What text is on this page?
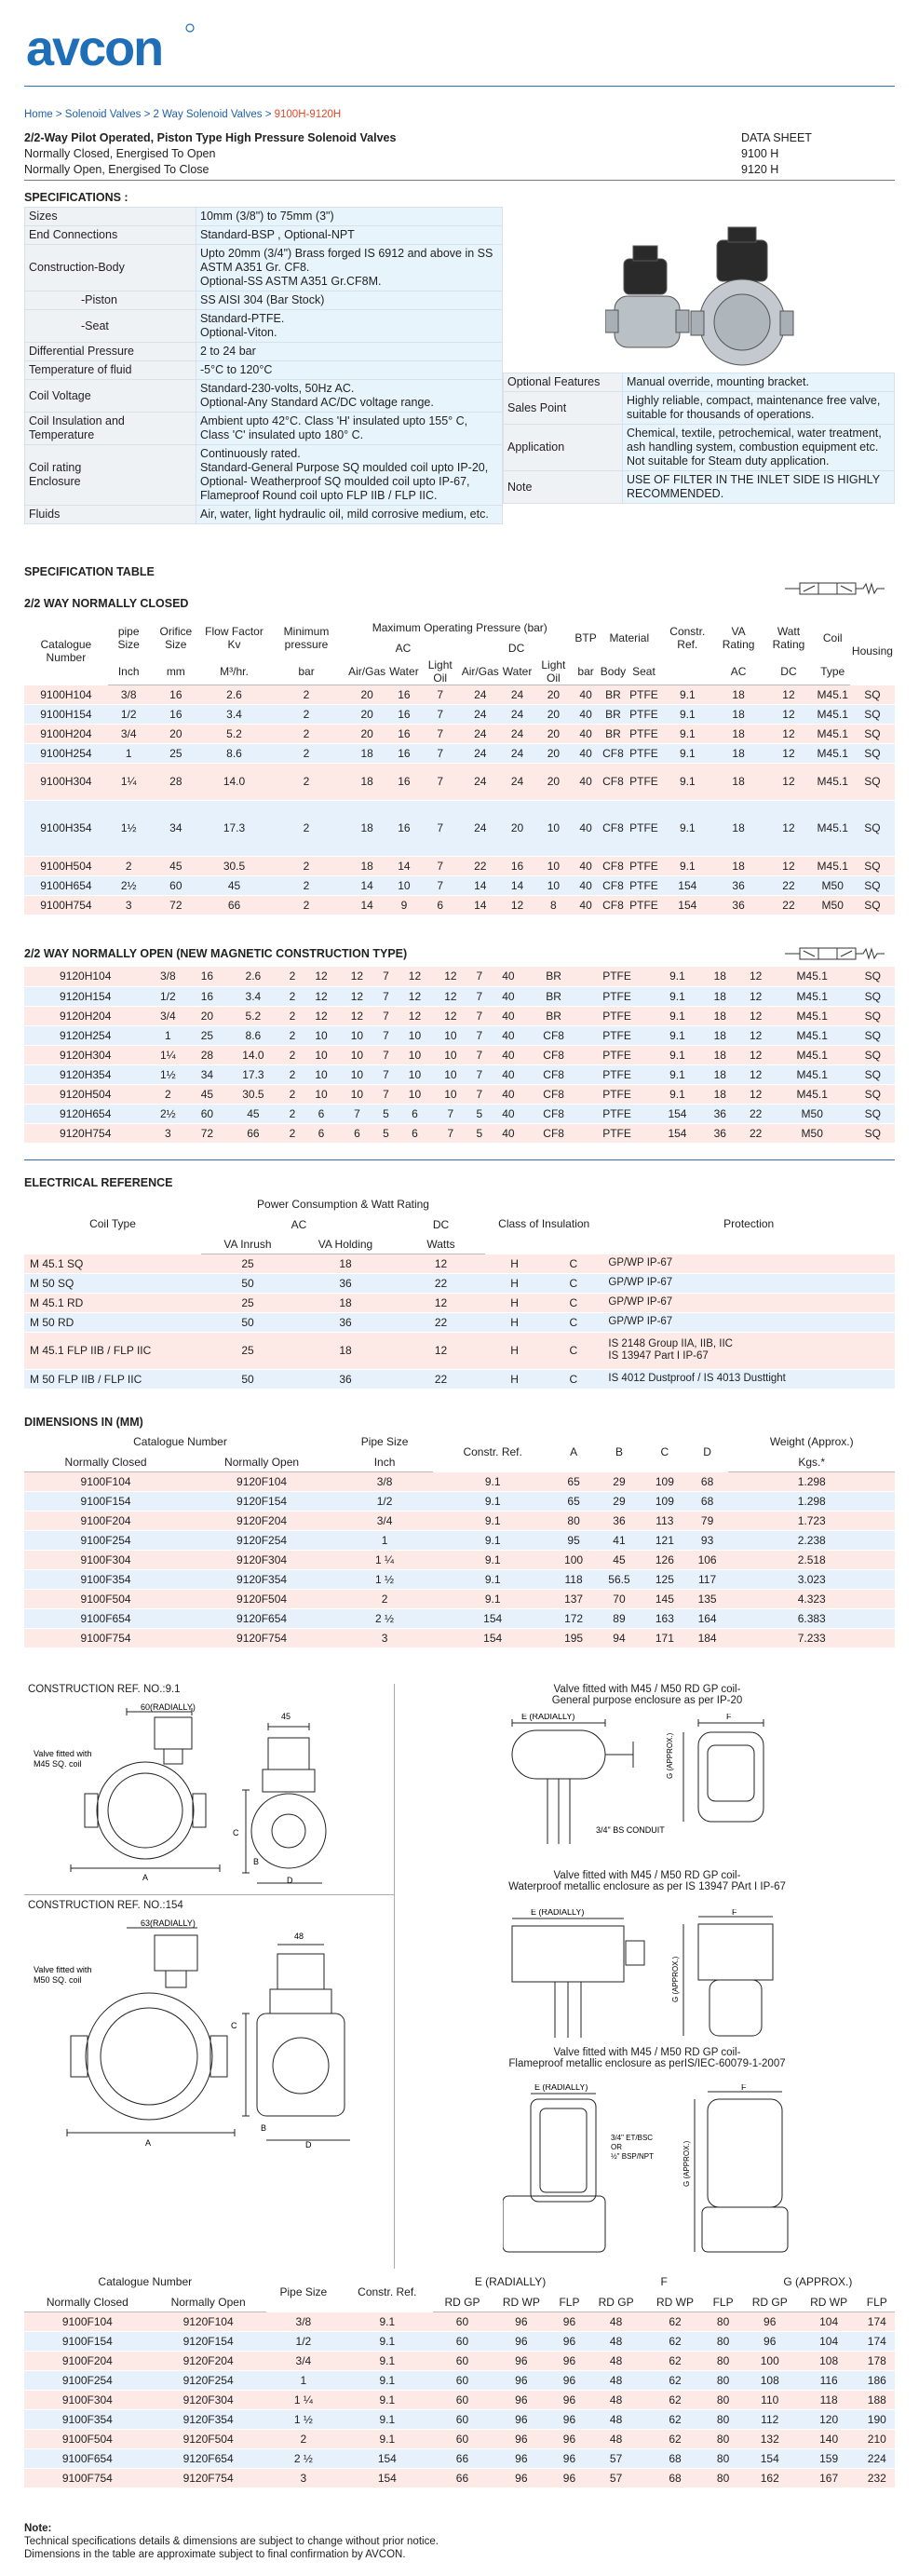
avcon
Home > Solenoid Valves > 2 Way Solenoid Valves > 9100H-9120H
2/2-Way Pilot Operated, Piston Type High Pressure Solenoid Valves	DATA SHEET
Normally Closed, Energised To Open	9100 H
Normally Open, Energised To Close	9120 H
SPECIFICATIONS :
Sizes	10mm (3/8") to 75mm (3")
End Connections	Standard-BSP , Optional-NPT
Construction-Body	Upto 20mm (3/4") Brass forged IS 6912 and above in SS ASTM A351 Gr. CF8.
Optional-SS ASTM A351 Gr.CF8M.
-Piston	SS AISI 304 (Bar Stock)
-Seat	Standard-PTFE.
Optional-Viton.
Differential Pressure	2 to 24 bar
Temperature of fluid	-5°C to 120°C
Coil Voltage	Standard-230-volts, 50Hz AC.
Optional-Any Standard AC/DC voltage range.
Coil Insulation and Temperature	Ambient upto 42°C. Class 'H' insulated upto 155° C,
Class 'C' insulated upto 180° C.
Coil rating
Enclosure	Continuously rated.
Standard-General Purpose SQ moulded coil upto IP-20,
Optional- Weatherproof SQ moulded coil upto IP-67,
Flameproof Round coil upto FLP IIB / FLP IIC.
Fluids	Air, water, light hydraulic oil, mild corrosive medium, etc.
Optional Features	Manual override, mounting bracket.
Sales Point	Highly reliable, compact, maintenance free valve, suitable for thousands of operations.
Application	Chemical, textile, petrochemical, water treatment, ash handling system, combustion equipment etc. Not suitable for Steam duty application.
Note	USE OF FILTER IN THE INLET SIDE IS HIGHLY RECOMMENDED.
SPECIFICATION TABLE
2/2 WAY NORMALLY CLOSED
Catalogue Number	pipe Size	Orifice Size	Flow Factor Kv	Minimum pressure	Maximum Operating Pressure (bar)						BTP	Material		Constr. Ref.	VA Rating	Watt Rating	Coil	Housing
					AC			DC										
	Inch	mm	M³/hr.	bar	Air/Gas	Water	Light Oil	Air/Gas	Water	Light Oil	bar	Body	Seat		AC	DC	Type	
9100H104	3/8	16	2.6	2	20	16	7	24	24	20	40	BR	PTFE	9.1	18	12	M45.1	SQ
9100H154	1/2	16	3.4	2	20	16	7	24	24	20	40	BR	PTFE	9.1	18	12	M45.1	SQ
9100H204	3/4	20	5.2	2	20	16	7	24	24	20	40	BR	PTFE	9.1	18	12	M45.1	SQ
9100H254	1	25	8.6	2	18	16	7	24	24	20	40	CF8	PTFE	9.1	18	12	M45.1	SQ
9100H304	1¼	28	14.0	2	18	16	7	24	24	20	40	CF8	PTFE	9.1	18	12	M45.1	SQ
9100H354	1½	34	17.3	2	18	16	7	24	20	10	40	CF8	PTFE	9.1	18	12	M45.1	SQ
9100H504	2	45	30.5	2	18	14	7	22	16	10	40	CF8	PTFE	9.1	18	12	M45.1	SQ
9100H654	2½	60	45	2	14	10	7	14	14	10	40	CF8	PTFE	154	36	22	M50	SQ
9100H754	3	72	66	2	14	9	6	14	12	8	40	CF8	PTFE	154	36	22	M50	SQ
2/2 WAY NORMALLY OPEN (NEW MAGNETIC CONSTRUCTION TYPE)
9120H104	3/8	16	2.6	2	12	12	7	12	12	7	40	BR	PTFE	9.1	18	12	M45.1	SQ
9120H154	1/2	16	3.4	2	12	12	7	12	12	7	40	BR	PTFE	9.1	18	12	M45.1	SQ
9120H204	3/4	20	5.2	2	12	12	7	12	12	7	40	BR	PTFE	9.1	18	12	M45.1	SQ
9120H254	1	25	8.6	2	10	10	7	10	10	7	40	CF8	PTFE	9.1	18	12	M45.1	SQ
9120H304	1¼	28	14.0	2	10	10	7	10	10	7	40	CF8	PTFE	9.1	18	12	M45.1	SQ
9120H354	1½	34	17.3	2	10	10	7	10	10	7	40	CF8	PTFE	9.1	18	12	M45.1	SQ
9120H504	2	45	30.5	2	10	10	7	10	10	7	40	CF8	PTFE	9.1	18	12	M45.1	SQ
9120H654	2½	60	45	2	6	7	5	6	7	5	40	CF8	PTFE	154	36	22	M50	SQ
9120H754	3	72	66	2	6	6	5	6	7	5	40	CF8	PTFE	154	36	22	M50	SQ
ELECTRICAL REFERENCE
Coil Type	Power Consumption & Watt Rating			Class of Insulation		Protection
	AC		DC			
	VA Inrush	VA Holding	Watts			
M 45.1 SQ	25	18	12	H	C	GP/WP IP-67
M 50 SQ	50	36	22	H	C	GP/WP IP-67
M 45.1 RD	25	18	12	H	C	GP/WP IP-67
M 50 RD	50	36	22	H	C	GP/WP IP-67
M 45.1 FLP IIB / FLP IIC	25	18	12	H	C	IS 2148 Group IIA, IIB, IIC
IS 13947 Part I IP-67
M 50 FLP IIB / FLP IIC	50	36	22	H	C	IS 4012 Dustproof / IS 4013 Dusttight
DIMENSIONS IN (MM)
Catalogue Number		Pipe Size	Constr. Ref.	A	B	C	D	Weight (Approx.)
Normally Closed	Normally Open	Inch						Kgs.*
9100F104	9120F104	3/8	9.1	65	29	109	68	1.298
9100F154	9120F154	1/2	9.1	65	29	109	68	1.298
9100F204	9120F204	3/4	9.1	80	36	113	79	1.723
9100F254	9120F254	1	9.1	95	41	121	93	2.238
9100F304	9120F304	1 ¼	9.1	100	45	126	106	2.518
9100F354	9120F354	1 ½	9.1	118	56.5	125	117	3.023
9100F504	9120F504	2	9.1	137	70	145	135	4.323
9100F654	9120F654	2 ½	154	172	89	163	164	6.383
9100F754	9120F754	3	154	195	94	171	184	7.233
CONSTRUCTION REF. NO.:9.1
60(RADIALLY)
45
Valve fitted with
M45 SQ. coil
A
C
D
B
CONSTRUCTION REF. NO.:154
63(RADIALLY)
48
Valve fitted with
M50 SQ. coil
A
C
D
B
Valve fitted with M45 / M50 RD GP coil-
General purpose enclosure as per IP-20
E (RADIALLY)	F
G (APPROX.)
3/4" BS CONDUIT
Valve fitted with M45 / M50 RD GP coil-
Waterproof metallic enclosure as per IS 13947 PArt I IP-67
E (RADIALLY)	F
G (APPROX.)
Valve fitted with M45 / M50 RD GP coil-
Flameproof metallic enclosure as perIS/IEC-60079-1-2007
E (RADIALLY)	F
G (APPROX.)
3/4" ET/BSC
OR
½" BSP/NPT
Catalogue Number		Pipe Size	Constr. Ref.	E (RADIALLY)			F			G (APPROX.)		
Normally Closed	Normally Open			RD GP	RD WP	FLP	RD GP	RD WP	FLP	RD GP	RD WP	FLP
9100F104	9120F104	3/8	9.1	60	96	96	48	62	80	96	104	174
9100F154	9120F154	1/2	9.1	60	96	96	48	62	80	96	104	174
9100F204	9120F204	3/4	9.1	60	96	96	48	62	80	100	108	178
9100F254	9120F254	1	9.1	60	96	96	48	62	80	108	116	186
9100F304	9120F304	1 ¼	9.1	60	96	96	48	62	80	110	118	188
9100F354	9120F354	1 ½	9.1	60	96	96	48	62	80	112	120	190
9100F504	9120F504	2	9.1	60	96	96	48	62	80	132	140	210
9100F654	9120F654	2 ½	154	66	96	96	57	68	80	154	159	224
9100F754	9120F754	3	154	66	96	96	57	68	80	162	167	232
Note:
Technical specifications details & dimensions are subject to change without prior notice.
Dimensions in the table are approximate subject to final confirmation by AVCON.
